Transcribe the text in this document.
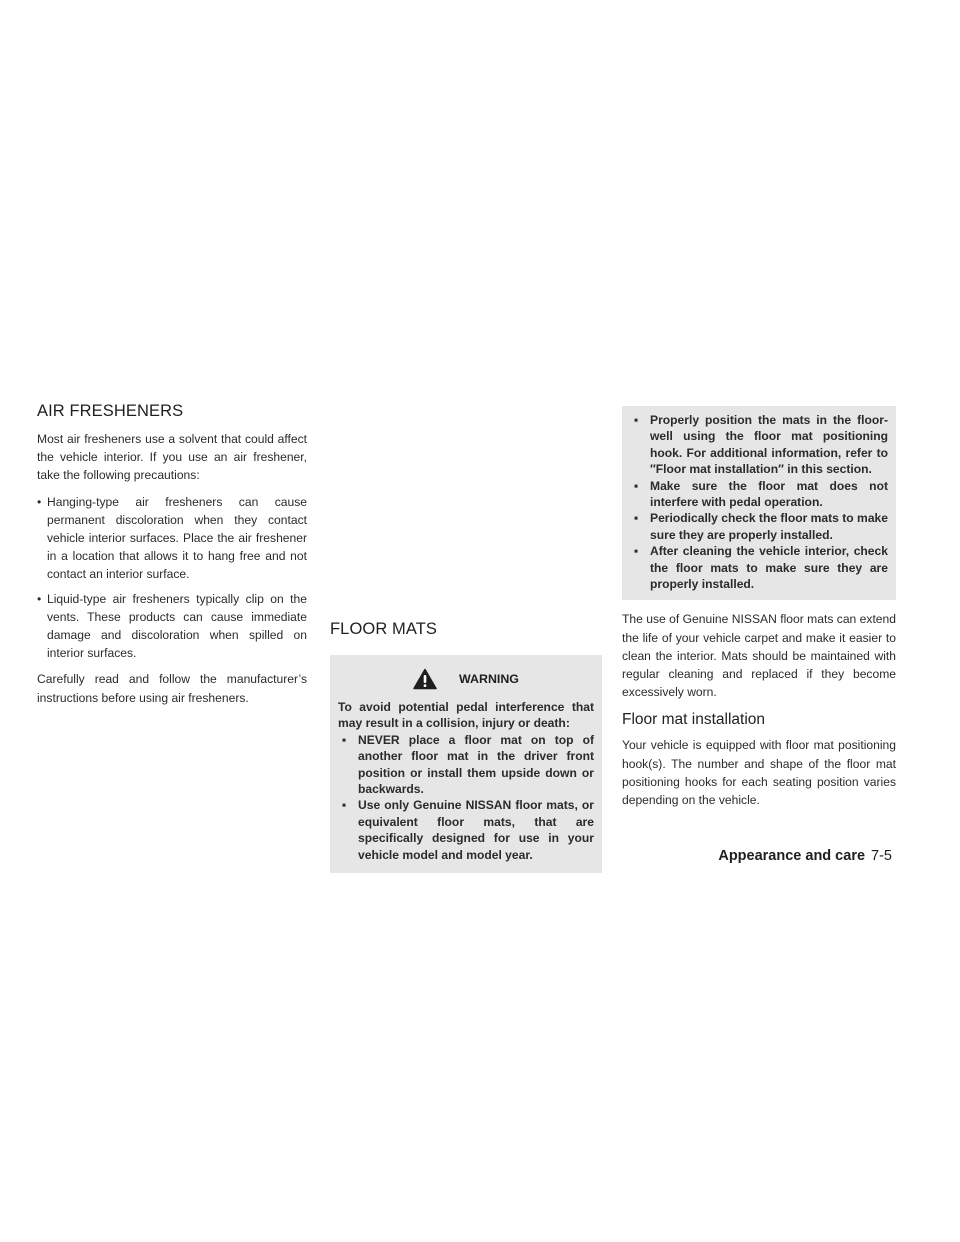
AIR FRESHENERS

Most air fresheners use a solvent that could affect the vehicle interior. If you use an air freshener, take the following precautions:

• Hanging-type air fresheners can cause permanent discoloration when they contact vehicle interior surfaces. Place the air freshener in a location that allows it to hang free and not contact an interior surface.
• Liquid-type air fresheners typically clip on the vents. These products can cause immediate damage and discoloration when spilled on interior surfaces.

Carefully read and follow the manufacturer’s instructions before using air fresheners.

FLOOR MATS
WARNING

To avoid potential pedal interference that may result in a collision, injury or death:

▪ NEVER place a floor mat on top of another floor mat in the driver front position or install them upside down or backwards.
▪ Use only Genuine NISSAN floor mats, or equivalent floor mats, that are specifically designed for use in your vehicle model and model year.
▪ Properly position the mats in the floor-well using the floor mat positioning hook. For additional information, refer to ″Floor mat installation″ in this section.
▪ Make sure the floor mat does not interfere with pedal operation.
▪ Periodically check the floor mats to make sure they are properly installed.
▪ After cleaning the vehicle interior, check the floor mats to make sure they are properly installed.

The use of Genuine NISSAN floor mats can extend the life of your vehicle carpet and make it easier to clean the interior. Mats should be maintained with regular cleaning and replaced if they become excessively worn.

Floor mat installation

Your vehicle is equipped with floor mat positioning hook(s). The number and shape of the floor mat positioning hooks for each seating position varies depending on the vehicle.

Appearance and care 7-5
